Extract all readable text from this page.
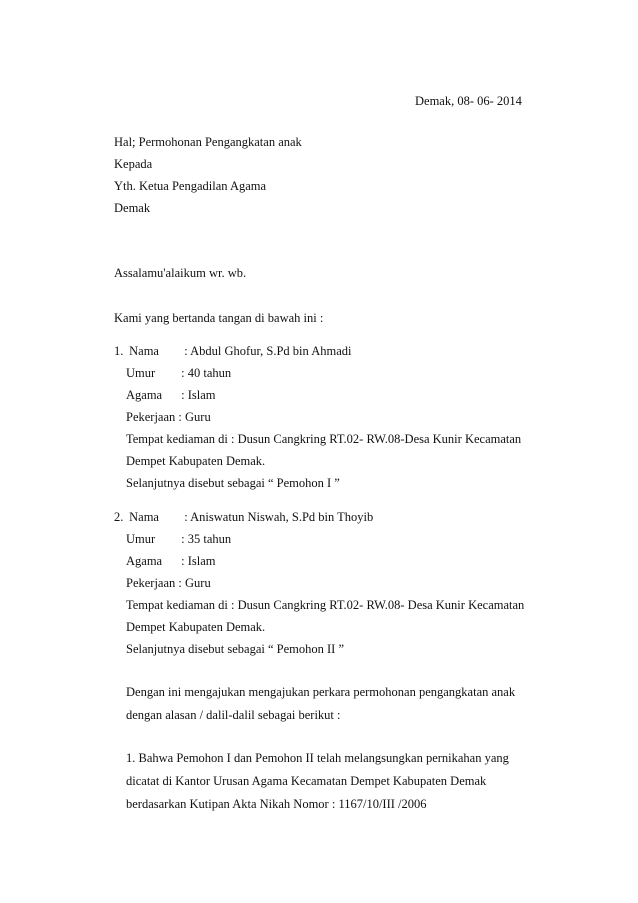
Demak, 08- 06- 2014
Hal; Permohonan Pengangkatan anak
Kepada
Yth. Ketua Pengadilan Agama
Demak
Assalamu'alaikum wr. wb.
Kami yang bertanda tangan di bawah ini :
1. Nama : Abdul Ghofur, S.Pd bin Ahmadi
Umur : 40 tahun
Agama : Islam
Pekerjaan : Guru
Tempat kediaman di : Dusun Cangkring RT.02- RW.08-Desa Kunir Kecamatan
Dempet Kabupaten Demak.
Selanjutnya disebut sebagai “ Pemohon I ”
2. Nama : Aniswatun Niswah, S.Pd bin Thoyib
Umur : 35 tahun
Agama : Islam
Pekerjaan : Guru
Tempat kediaman di : Dusun Cangkring RT.02- RW.08- Desa Kunir Kecamatan
Dempet Kabupaten Demak.
Selanjutnya disebut sebagai “ Pemohon II ”
Dengan ini mengajukan mengajukan perkara permohonan pengangkatan anak
dengan alasan / dalil-dalil sebagai berikut :
1. Bahwa Pemohon I dan Pemohon II telah melangsungkan pernikahan yang
dicatat di Kantor Urusan Agama Kecamatan Dempet Kabupaten Demak
berdasarkan Kutipan Akta Nikah Nomor : 1167/10/III /2006
